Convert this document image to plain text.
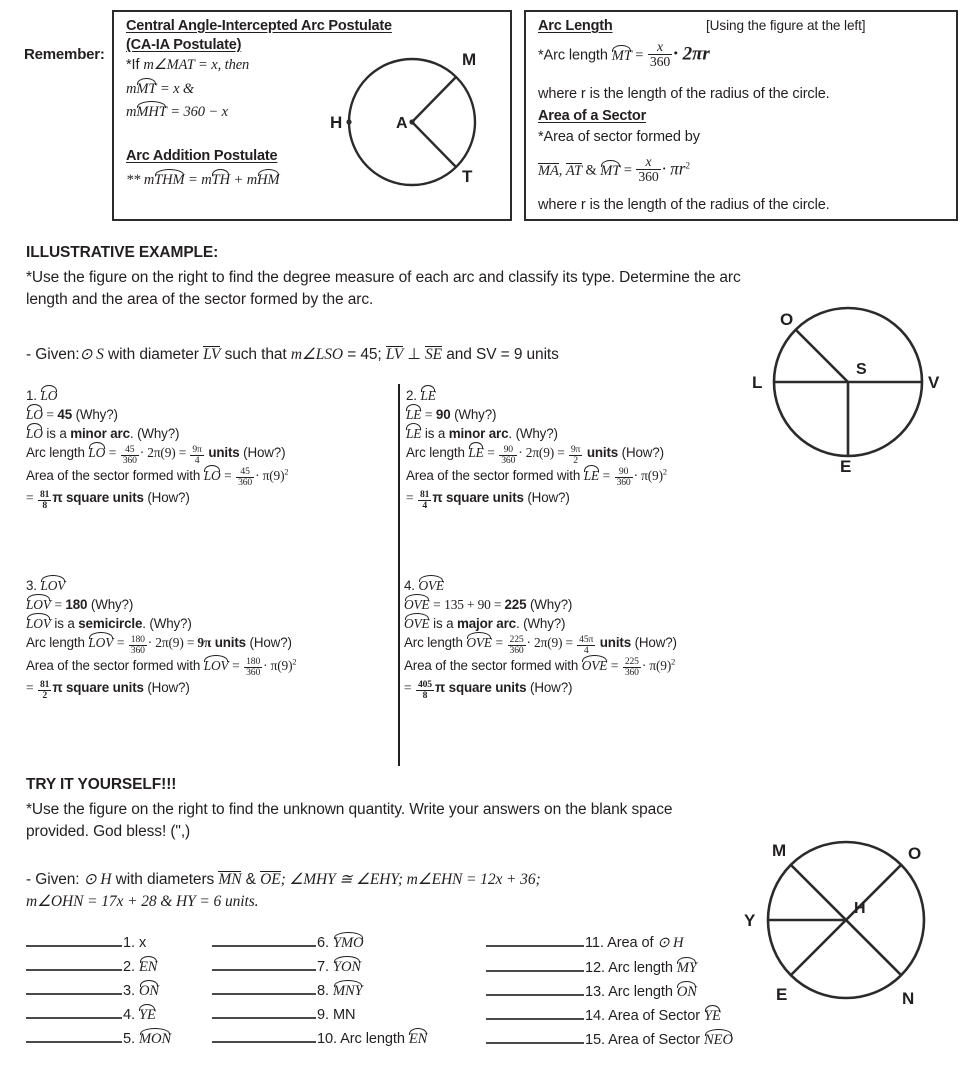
Remember:
Central Angle-Intercepted Arc Postulate
(CA-IA Postulate)
*If m∠MAT = x, then
mMT = x &
mMHT = 360 − x
Arc Addition Postulate
** mTHM = mTH + mHM
A
M
T
H
Arc Length	[Using the figure at the left]
*Arc length MT = $\frac{x}{360} \cdot 2\pi r$
where r is the length of the radius of the circle.
Area of a Sector
*Area of sector formed by
MA, AT & MT = $\frac{x}{360} \cdot \pi r^2$
where r is the length of the radius of the circle.
ILLUSTRATIVE EXAMPLE:
*Use the figure on the right to find the degree measure of each arc and classify its type. Determine the arc
length and the area of the sector formed by the arc.
- Given:⊙ S with diameter LV such that m∠LSO = 45; LV ⊥ SE and SV = 9 units
O
L	V
E
S
1. LO
LO = 45 (Why?)
LO is a minor arc. (Why?)
Arc length LO = $\frac{45}{360} \cdot 2\pi(9) = \frac{9\pi}{4}$ units (How?)
Area of the sector formed with LO = $\frac{45}{360} \cdot \pi(9)^2$
= $\frac{81}{8}$ π square units (How?)
2. LE
LE = 90 (Why?)
LE is a minor arc. (Why?)
Arc length LE = $\frac{90}{360} \cdot 2\pi(9) = \frac{9\pi}{2}$ units (How?)
Area of the sector formed with LE = $\frac{90}{360} \cdot \pi(9)^2$
= $\frac{81}{4}$ π square units (How?)
3. LOV
LOV = 180 (Why?)
LOV is a semicircle. (Why?)
Arc length LOV = $\frac{180}{360} \cdot 2\pi(9) = 9\pi$ units (How?)
Area of the sector formed with LOV = $\frac{180}{360} \cdot \pi(9)^2$
= $\frac{81}{2}$ π square units (How?)
4. OVE
OVE = 135 + 90 = 225 (Why?)
OVE is a major arc. (Why?)
Arc length OVE = $\frac{225}{360} \cdot 2\pi(9) = \frac{45\pi}{4}$ units (How?)
Area of the sector formed with OVE = $\frac{225}{360} \cdot \pi(9)^2$
= $\frac{405}{8}$ π square units (How?)
TRY IT YOURSELF!!!
*Use the figure on the right to find the unknown quantity. Write your answers on the blank space
provided. God bless! (",)
- Given: ⊙ H with diameters MN & OE; ∠MHY ≅ ∠EHY; m∠EHN = 12x + 36;
m∠OHN = 17x + 28 & HY = 6 units.
M	O
Y
H
E	N
1. x
2. EN
3. ON
4. YE
5. MON
6. YMO
7. YON
8. MNY
9. MN
10. Arc length EN
11. Area of ⊙ H
12. Arc length MY
13. Arc length ON
14. Area of Sector YE
15. Area of Sector NEO
